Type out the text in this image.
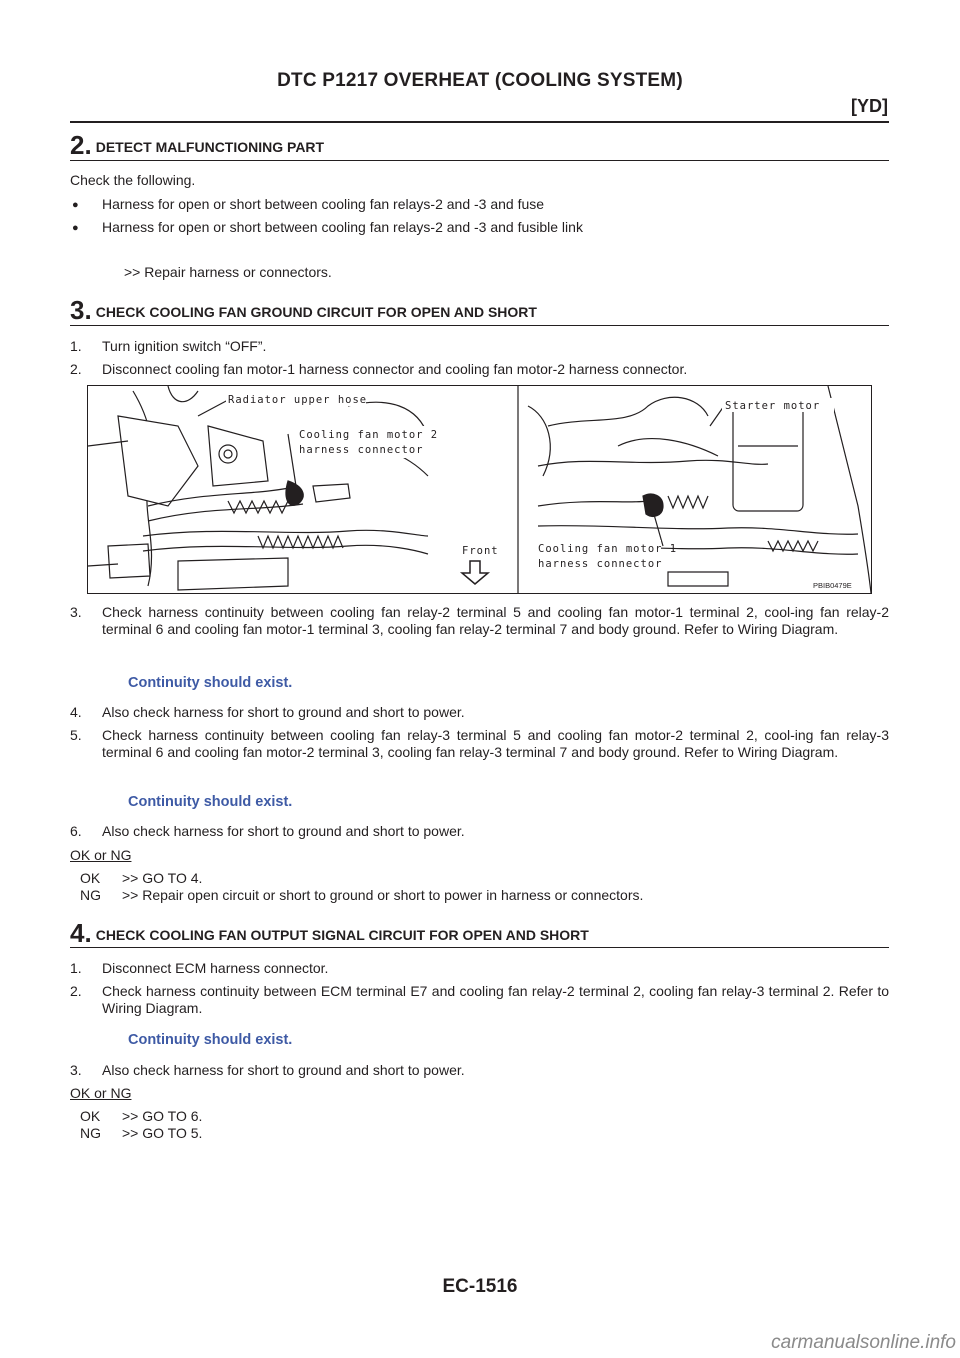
DTC P1217 OVERHEAT (COOLING SYSTEM)
[YD]
2. DETECT MALFUNCTIONING PART
Check the following.
● Harness for open or short between cooling fan relays-2 and -3 and fuse
● Harness for open or short between cooling fan relays-2 and -3 and fusible link
>> Repair harness or connectors.
3. CHECK COOLING FAN GROUND CIRCUIT FOR OPEN AND SHORT
1. Turn ignition switch “OFF”.
2. Disconnect cooling fan motor-1 harness connector and cooling fan motor-2 harness connector.
Radiator upper hose
Cooling fan motor 2
harness connector
Starter motor
Front	Cooling fan motor 1
harness connector
PBIB0479E
3. Check harness continuity between cooling fan relay-2 terminal 5 and cooling fan motor-1 terminal 2, cool-ing fan relay-2 terminal 6 and cooling fan motor-1 terminal 3, cooling fan relay-2 terminal 7 and body ground. Refer to Wiring Diagram.
Continuity should exist.
4. Also check harness for short to ground and short to power.
5. Check harness continuity between cooling fan relay-3 terminal 5 and cooling fan motor-2 terminal 2, cool-ing fan relay-3 terminal 6 and cooling fan motor-2 terminal 3, cooling fan relay-3 terminal 7 and body ground. Refer to Wiring Diagram.
Continuity should exist.
6. Also check harness for short to ground and short to power.
OK or NG
OK	>> GO TO 4.
NG	>> Repair open circuit or short to ground or short to power in harness or connectors.
4. CHECK COOLING FAN OUTPUT SIGNAL CIRCUIT FOR OPEN AND SHORT
1. Disconnect ECM harness connector.
2. Check harness continuity between ECM terminal E7 and cooling fan relay-2 terminal 2, cooling fan relay-3 terminal 2. Refer to Wiring Diagram.
Continuity should exist.
3. Also check harness for short to ground and short to power.
OK or NG
OK	>> GO TO 6.
NG	>> GO TO 5.
EC-1516
carmanualsonline.info
